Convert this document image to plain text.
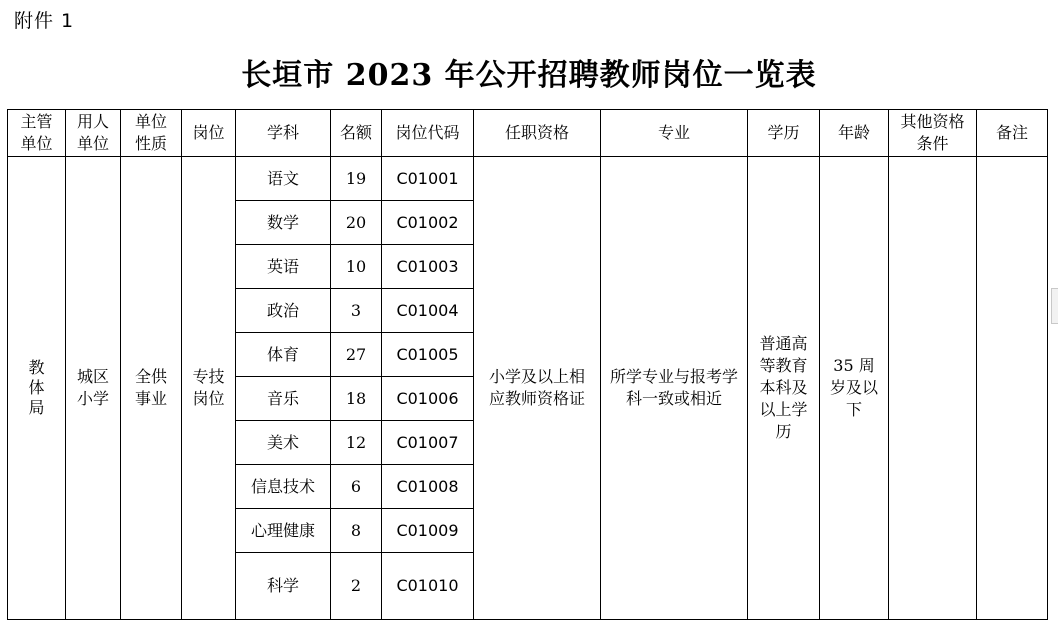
附件 1
长垣市 2023 年公开招聘教师岗位一览表
主管单位	用人单位	单位性质	岗位	学科	名额	岗位代码	任职资格	专业	学历	年龄	其他资格条件	备注
教体局	城区小学	全供事业	专技岗位	语文	19	C01001	小学及以上相应教师资格证	所学专业与报考学科一致或相近	普通高等教育本科及以上学历	35 周岁及以下		
				数学	20	C01002						
				英语	10	C01003						
				政治	3	C01004						
				体育	27	C01005						
				音乐	18	C01006						
				美术	12	C01007						
				信息技术	6	C01008						
				心理健康	8	C01009						
				科学	2	C01010						
